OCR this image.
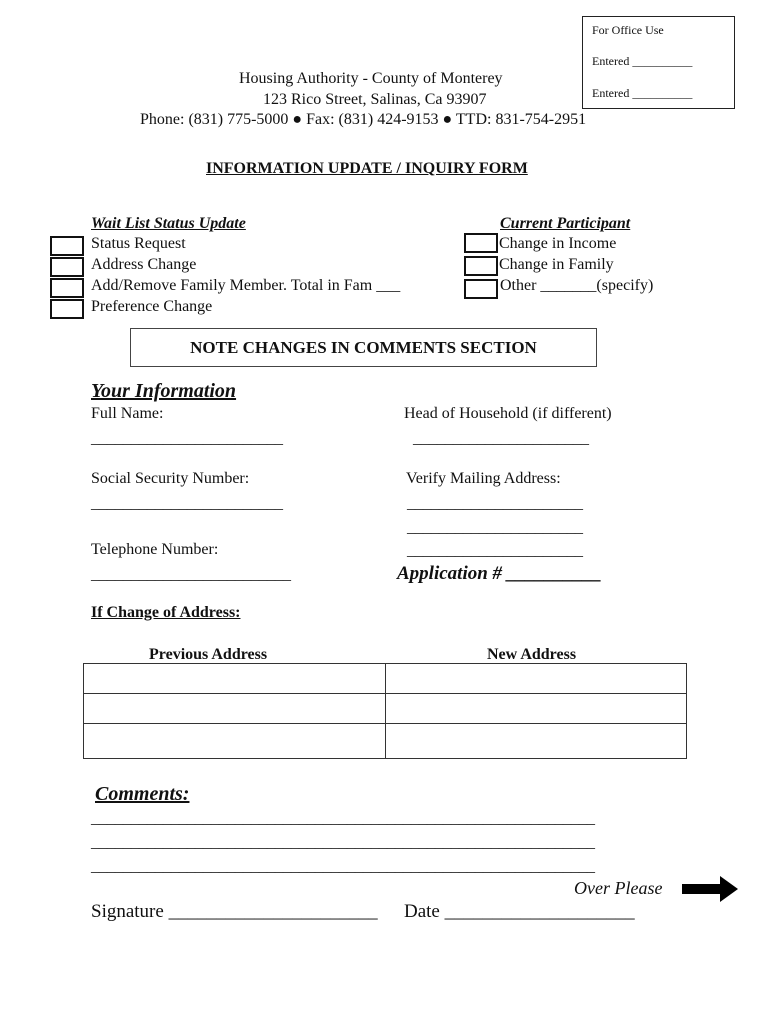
For Office Use
Entered __________
Entered __________
Housing Authority - County of Monterey
123 Rico Street, Salinas, Ca 93907
Phone: (831) 775-5000 ● Fax: (831) 424-9153 ● TTD: 831-754-2951
INFORMATION UPDATE / INQUIRY FORM
Wait List Status Update
Status Request
Address Change
Add/Remove Family Member. Total in Fam ___
Preference Change
Current Participant
Change in Income
Change in Family
Other _______(specify)
NOTE CHANGES IN COMMENTS SECTION
Your Information
Full Name:
________________________
Head of Household (if different)
______________________
Social Security Number:
________________________
Verify Mailing Address:
______________________
______________________
______________________
Telephone Number:
_________________________	Application # __________
If Change of Address:
Previous Address	New Address

Comments:
_______________________________________________________________
_______________________________________________________________
_______________________________________________________________
Over Please
Signature ______________________ Date ____________________
